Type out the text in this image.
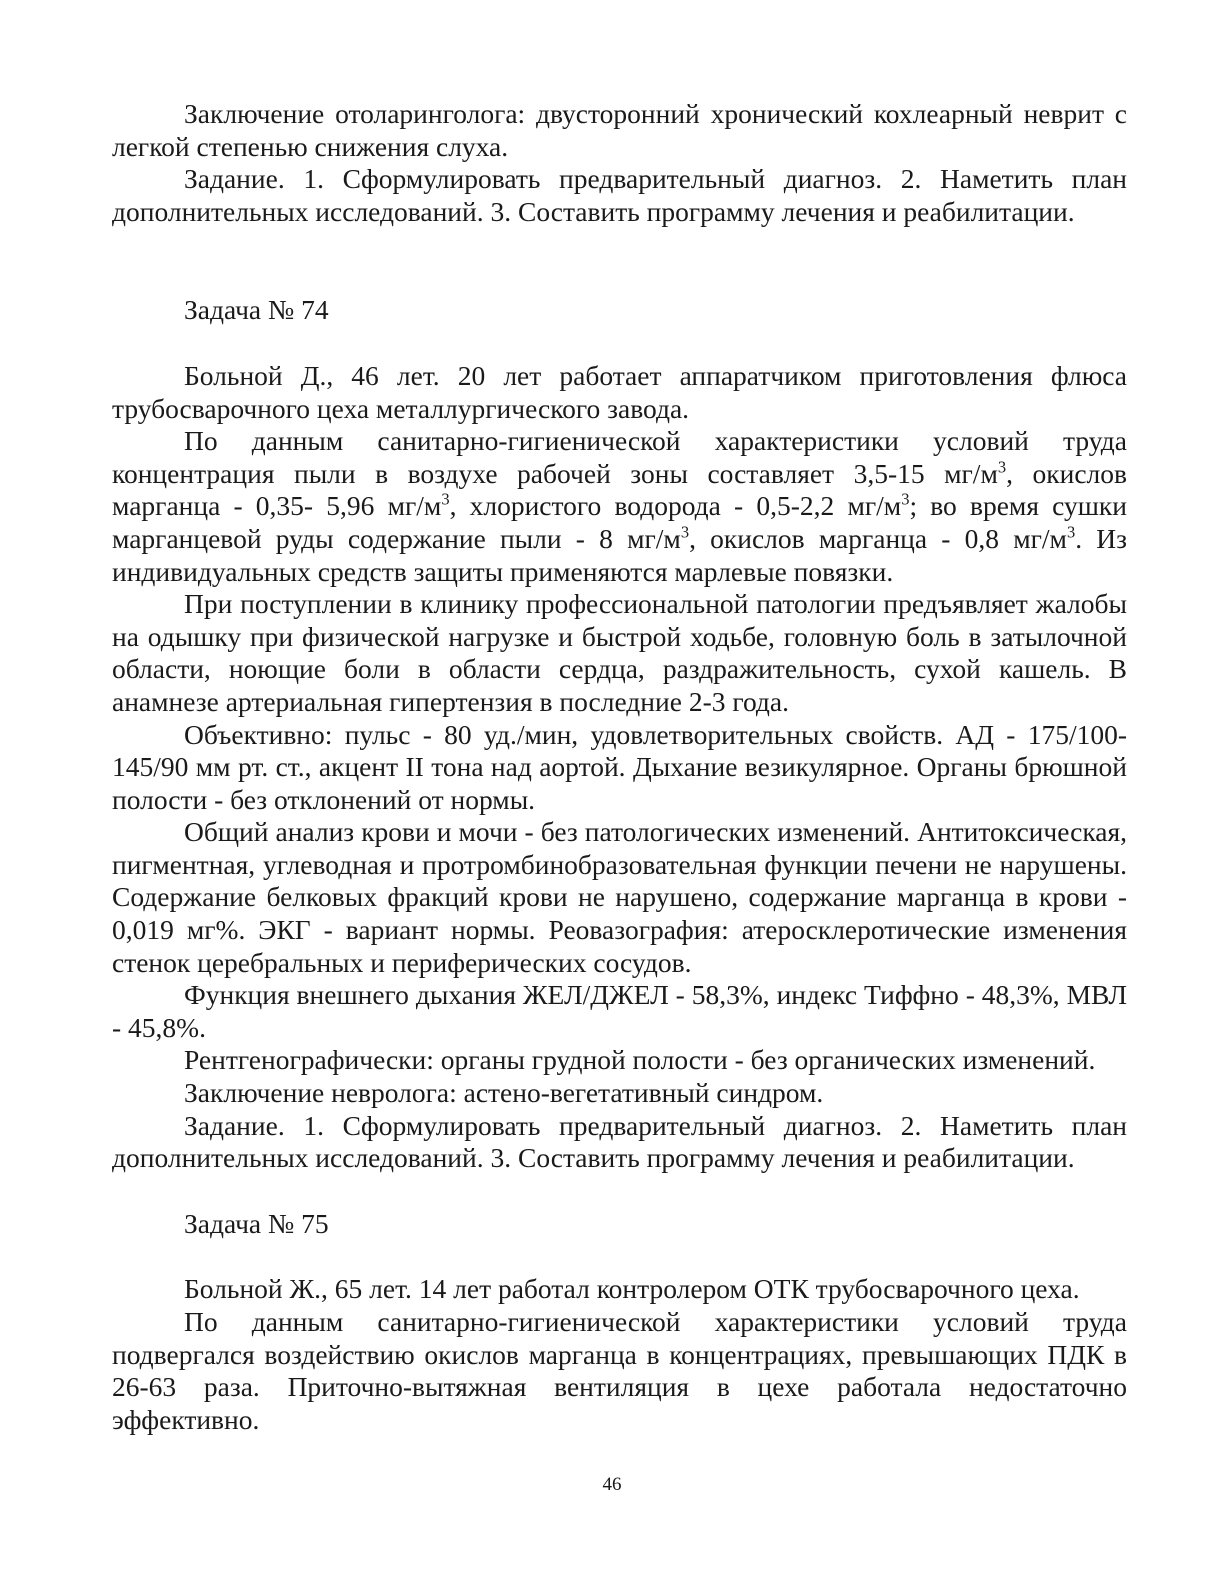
Заключение отоларинголога: двусторонний хронический кохлеарный неврит с легкой степенью снижения слуха.

Задание. 1. Сформулировать предварительный диагноз. 2. Наметить план дополнительных исследований. 3. Составить программу лечения и реабилитации.

Задача № 74

Больной Д., 46 лет. 20 лет работает аппаратчиком приготовления флюса трубосварочного цеха металлургического завода.

По данным санитарно-гигиенической характеристики условий труда концентрация пыли в воздухе рабочей зоны составляет 3,5-15 $мг/м^3$, окислов марганца - 0,35- 5,96 $мг/м^3$, хлористого водорода - 0,5-2,2 $мг/м^3$; во время сушки марганцевой руды содержание пыли - 8 $мг/м^3$, окислов марганца - 0,8 $мг/м^3$. Из индивидуальных средств защиты применяются марлевые повязки.

При поступлении в клинику профессиональной патологии предъявляет жалобы на одышку при физической нагрузке и быстрой ходьбе, головную боль в затылочной области, ноющие боли в области сердца, раздражительность, сухой кашель. В анамнезе артериальная гипертензия в последние 2-3 года.

Объективно: пульс - 80 уд./мин, удовлетворительных свойств. АД - 175/100-145/90 мм рт. ст., акцент II тона над аортой. Дыхание везикулярное. Органы брюшной полости - без отклонений от нормы.

Общий анализ крови и мочи - без патологических изменений. Антитоксическая, пигментная, углеводная и протромбинобразовательная функции печени не нарушены. Содержание белковых фракций крови не нарушено, содержание марганца в крови - 0,019 мг%. ЭКГ - вариант нормы. Реовазография: атеросклеротические изменения стенок церебральных и периферических сосудов.

Функция внешнего дыхания ЖЕЛ/ДЖЕЛ - 58,3%, индекс Тиффно - 48,3%, МВЛ - 45,8%.

Рентгенографически: органы грудной полости - без органических изменений.

Заключение невролога: астено-вегетативный синдром.

Задание. 1. Сформулировать предварительный диагноз. 2. Наметить план дополнительных исследований. 3. Составить программу лечения и реабилитации.

Задача № 75

Больной Ж., 65 лет. 14 лет работал контролером ОТК трубосварочного цеха.

По данным санитарно-гигиенической характеристики условий труда подвергался воздействию окислов марганца в концентрациях, превышающих ПДК в 26-63 раза. Приточно-вытяжная вентиляция в цехе работала недостаточно эффективно.

46
